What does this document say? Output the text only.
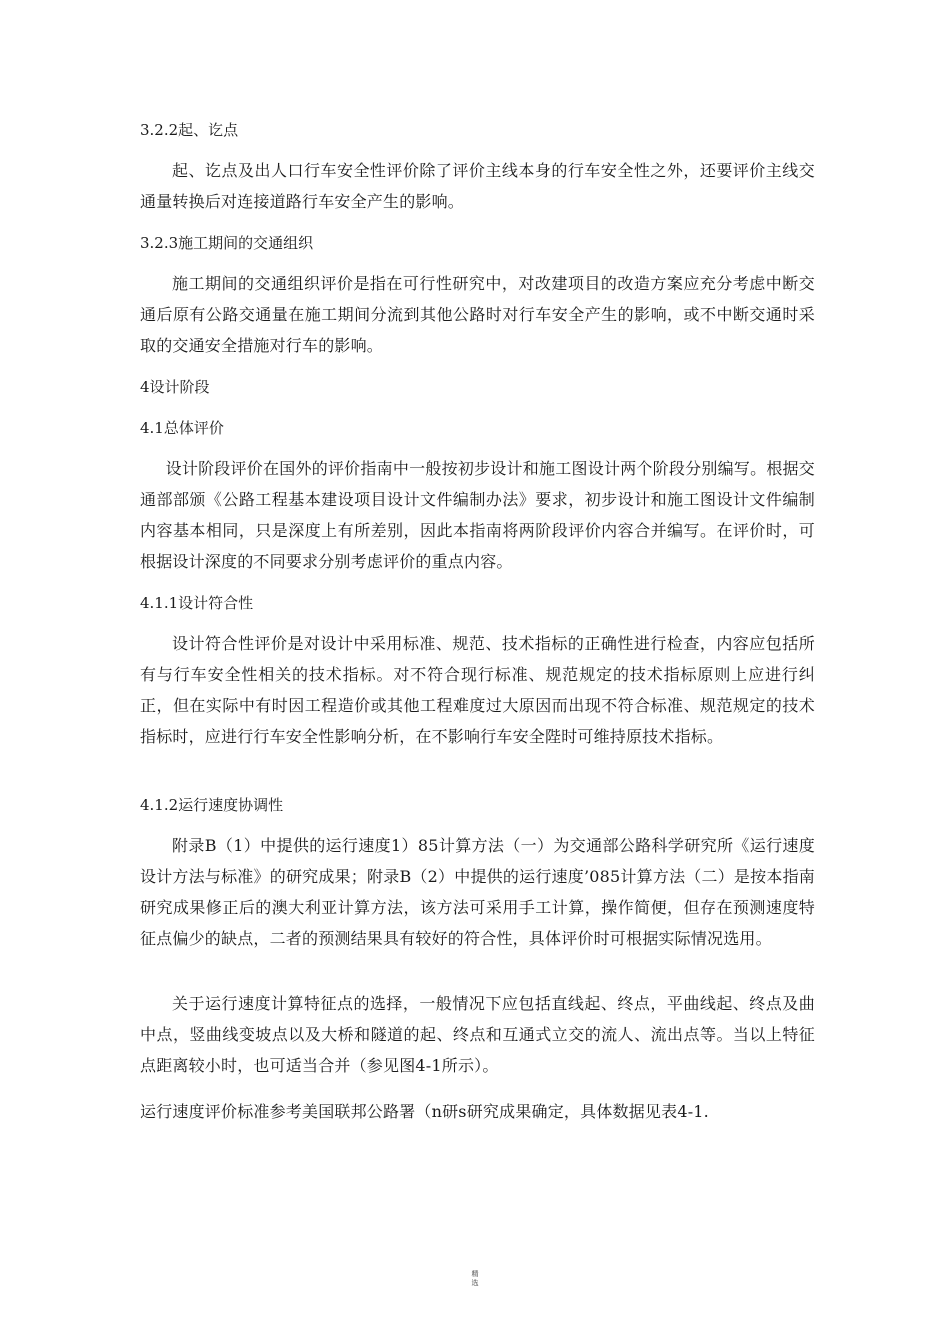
3.2.2起、讫点
起、讫点及出人口行车安全性评价除了评价主线本身的行车安全性之外，还要评价主线交通量转换后对连接道路行车安全产生的影响。
3.2.3施工期间的交通组织
施工期间的交通组织评价是指在可行性研究中，对改建项目的改造方案应充分考虑中断交通后原有公路交通量在施工期间分流到其他公路时对行车安全产生的影响，或不中断交通时采取的交通安全措施对行车的影响。
4设计阶段
4.1总体评价
设计阶段评价在国外的评价指南中一般按初步设计和施工图设计两个阶段分别编写。根据交通部部颁《公路工程基本建设项目设计文件编制办法》要求，初步设计和施工图设计文件编制内容基本相同，只是深度上有所差别，因此本指南将两阶段评价内容合并编写。在评价时，可根据设计深度的不同要求分别考虑评价的重点内容。
4.1.1设计符合性
设计符合性评价是对设计中采用标准、规范、技术指标的正确性进行检查，内容应包括所有与行车安全性相关的技术指标。对不符合现行标准、规范规定的技术指标原则上应进行纠正，但在实际中有时因工程造价或其他工程难度过大原因而出现不符合标准、规范规定的技术指标时，应进行行车安全性影响分析，在不影响行车安全陛时可维持原技术指标。
4.1.2运行速度协调性
附录B（1）中提供的运行速度1）85计算方法（一）为交通部公路科学研究所《运行速度设计方法与标准》的研究成果；附录B（2）中提供的运行速度’085计算方法（二）是按本指南研究成果修正后的澳大利亚计算方法，该方法可采用手工计算，操作简便，但存在预测速度特征点偏少的缺点，二者的预测结果具有较好的符合性，具体评价时可根据实际情况选用。
关于运行速度计算特征点的选择，一般情况下应包括直线起、终点，平曲线起、终点及曲中点，竖曲线变坡点以及大桥和隧道的起、终点和互通式立交的流人、流出点等。当以上特征点距离较小时，也可适当合并（参见图4-1所示）。
运行速度评价标准参考美国联邦公路署（n研s研究成果确定，具体数据见表4-1.
精
选
